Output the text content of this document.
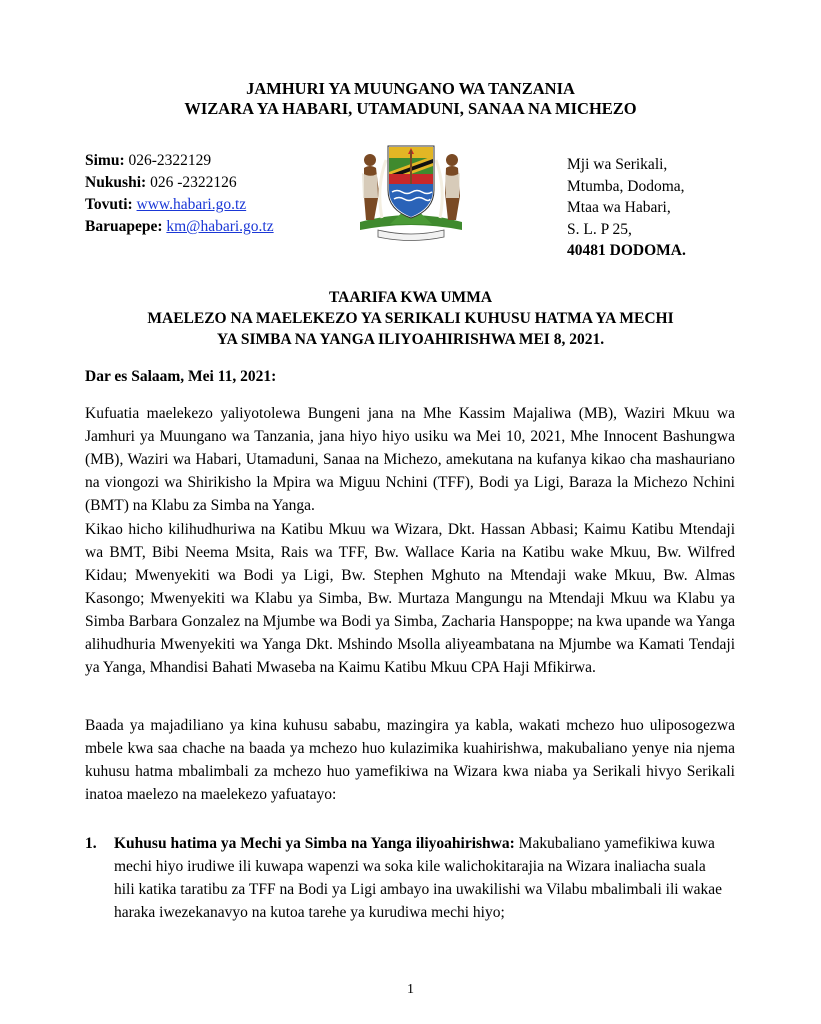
JAMHURI YA MUUNGANO WA TANZANIA
WIZARA YA HABARI, UTAMADUNI, SANAA NA MICHEZO
Simu: 026-2322129
Nukushi: 026 -2322126
Tovuti: www.habari.go.tz
Baruapepe: km@habari.go.tz
Mji wa Serikali,
Mtumba, Dodoma,
Mtaa wa Habari,
S. L. P 25,
40481 DODOMA.
TAARIFA KWA UMMA
MAELEZO NA MAELEKEZO YA SERIKALI KUHUSU HATMA YA MECHI
YA SIMBA NA YANGA ILIYOAHIRISHWA MEI 8, 2021.
Dar es Salaam, Mei 11, 2021:
Kufuatia maelekezo yaliyotolewa Bungeni jana na Mhe Kassim Majaliwa (MB), Waziri Mkuu wa Jamhuri ya Muungano wa Tanzania, jana hiyo hiyo usiku wa Mei 10, 2021, Mhe Innocent Bashungwa (MB), Waziri wa Habari, Utamaduni, Sanaa na Michezo, amekutana na kufanya kikao cha mashauriano na viongozi wa Shirikisho la Mpira wa Miguu Nchini (TFF), Bodi ya Ligi, Baraza la Michezo Nchini (BMT) na Klabu za Simba na Yanga.
Kikao hicho kilihudhuriwa na Katibu Mkuu wa Wizara, Dkt. Hassan Abbasi; Kaimu Katibu Mtendaji wa BMT, Bibi Neema Msita, Rais wa TFF, Bw. Wallace Karia na Katibu wake Mkuu, Bw. Wilfred Kidau; Mwenyekiti wa Bodi ya Ligi, Bw. Stephen Mghuto na Mtendaji wake Mkuu, Bw. Almas Kasongo; Mwenyekiti wa Klabu ya Simba, Bw. Murtaza Mangungu na Mtendaji Mkuu wa Klabu ya Simba Barbara Gonzalez na Mjumbe wa Bodi ya Simba, Zacharia Hanspoppe; na kwa upande wa Yanga alihudhuria Mwenyekiti wa Yanga Dkt. Mshindo Msolla aliyeambatana na Mjumbe wa Kamati Tendaji ya Yanga, Mhandisi Bahati Mwaseba na Kaimu Katibu Mkuu CPA Haji Mfikirwa.
Baada ya majadiliano ya kina kuhusu sababu, mazingira ya kabla, wakati mchezo huo uliposogezwa mbele kwa saa chache na baada ya mchezo huo kulazimika kuahirishwa, makubaliano yenye nia njema kuhusu hatma mbalimbali za mchezo huo yamefikiwa na Wizara kwa niaba ya Serikali hivyo Serikali inatoa maelezo na maelekezo yafuatayo:
1. Kuhusu hatima ya Mechi ya Simba na Yanga iliyoahirishwa: Makubaliano yamefikiwa kuwa mechi hiyo irudiwe ili kuwapa wapenzi wa soka kile walichokitarajia na Wizara inaliacha suala hili katika taratibu za TFF na Bodi ya Ligi ambayo ina uwakilishi wa Vilabu mbalimbali ili wakae haraka iwezekanavyo na kutoa tarehe ya kurudiwa mechi hiyo;
1
